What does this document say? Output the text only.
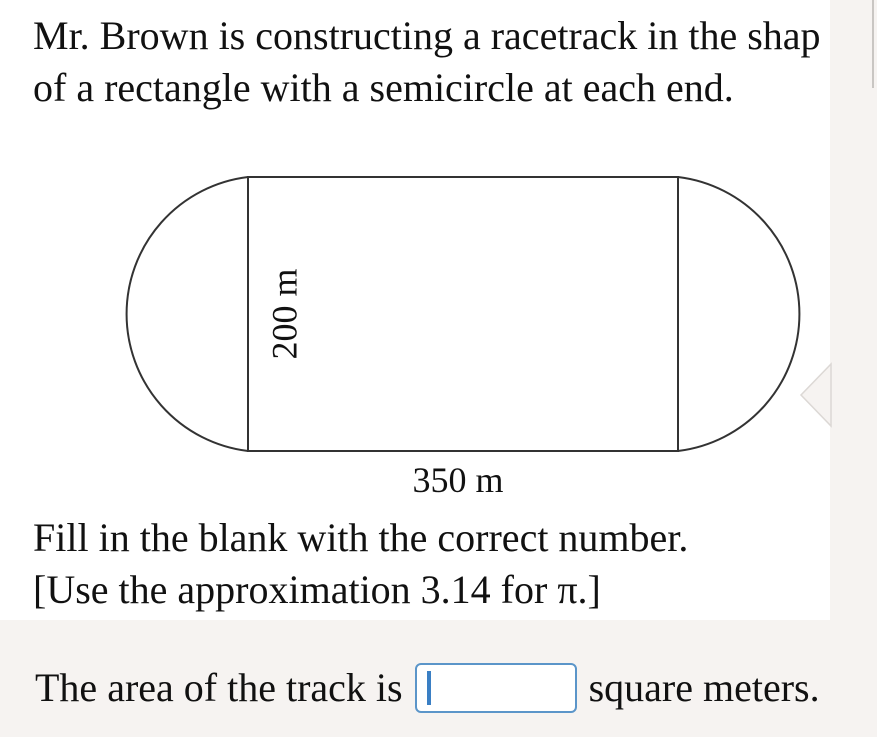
Mr. Brown is constructing a racetrack in the shap
of a rectangle with a semicircle at each end.

200 m
350 m

Fill in the blank with the correct number.
[Use the approximation 3.14 for π.]

The area of the track is	square meters.
